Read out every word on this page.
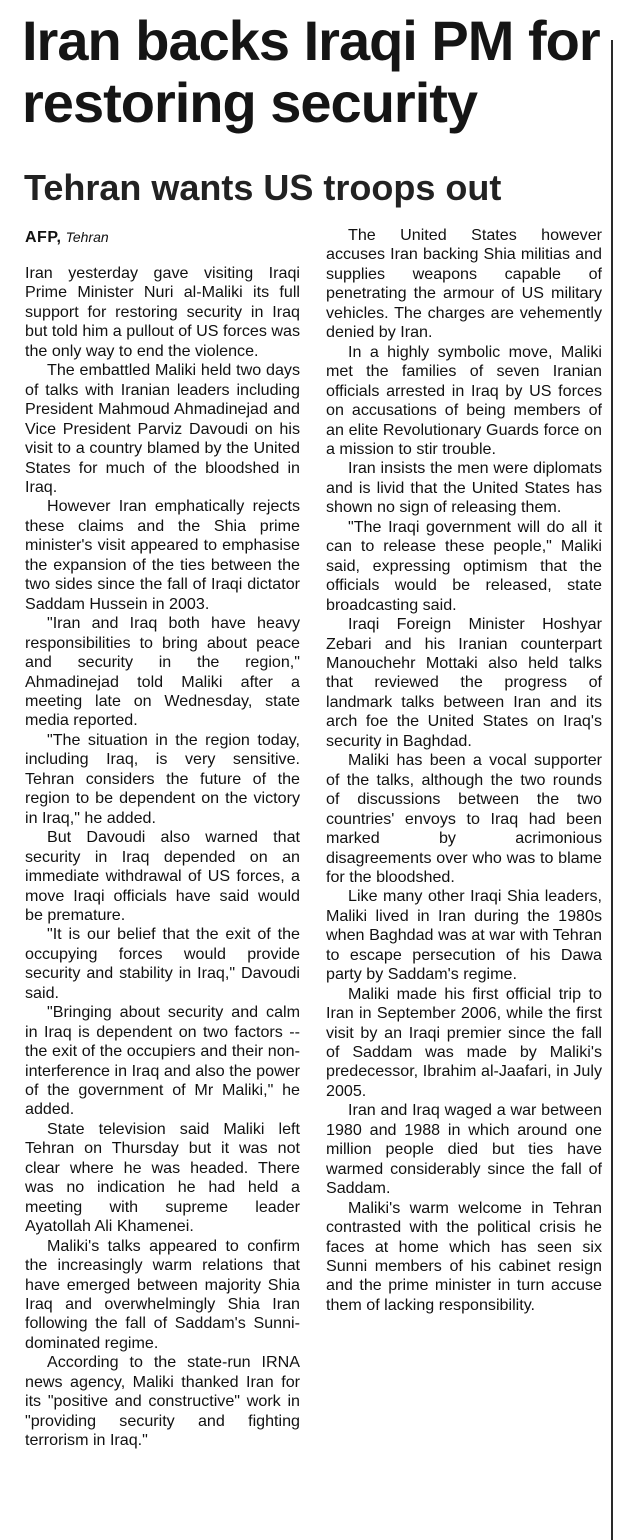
Iran backs Iraqi PM for restoring security
Tehran wants US troops out
AFP, Tehran

Iran yesterday gave visiting Iraqi Prime Minister Nuri al-Maliki its full support for restoring security in Iraq but told him a pullout of US forces was the only way to end the violence.

The embattled Maliki held two days of talks with Iranian leaders including President Mahmoud Ahmadinejad and Vice President Parviz Davoudi on his visit to a country blamed by the United States for much of the bloodshed in Iraq.

However Iran emphatically rejects these claims and the Shia prime minister's visit appeared to emphasise the expansion of the ties between the two sides since the fall of Iraqi dictator Saddam Hussein in 2003.

"Iran and Iraq both have heavy responsibilities to bring about peace and security in the region," Ahmadinejad told Maliki after a meeting late on Wednesday, state media reported.

"The situation in the region today, including Iraq, is very sensitive. Tehran considers the future of the region to be dependent on the victory in Iraq," he added.

But Davoudi also warned that security in Iraq depended on an immediate withdrawal of US forces, a move Iraqi officials have said would be premature.

"It is our belief that the exit of the occupying forces would provide security and stability in Iraq," Davoudi said.

"Bringing about security and calm in Iraq is dependent on two factors -- the exit of the occupiers and their non-interference in Iraq and also the power of the government of Mr Maliki," he added.

State television said Maliki left Tehran on Thursday but it was not clear where he was headed. There was no indication he had held a meeting with supreme leader Ayatollah Ali Khamenei.

Maliki's talks appeared to confirm the increasingly warm relations that have emerged between majority Shia Iraq and overwhelmingly Shia Iran following the fall of Saddam's Sunni-dominated regime.

According to the state-run IRNA news agency, Maliki thanked Iran for its "positive and constructive" work in "providing security and fighting terrorism in Iraq."

The United States however accuses Iran backing Shia militias and supplies weapons capable of penetrating the armour of US military vehicles. The charges are vehemently denied by Iran.

In a highly symbolic move, Maliki met the families of seven Iranian officials arrested in Iraq by US forces on accusations of being members of an elite Revolutionary Guards force on a mission to stir trouble.

Iran insists the men were diplomats and is livid that the United States has shown no sign of releasing them.

"The Iraqi government will do all it can to release these people," Maliki said, expressing optimism that the officials would be released, state broadcasting said.

Iraqi Foreign Minister Hoshyar Zebari and his Iranian counterpart Manouchehr Mottaki also held talks that reviewed the progress of landmark talks between Iran and its arch foe the United States on Iraq's security in Baghdad.

Maliki has been a vocal supporter of the talks, although the two rounds of discussions between the two countries' envoys to Iraq had been marked by acrimonious disagreements over who was to blame for the bloodshed.

Like many other Iraqi Shia leaders, Maliki lived in Iran during the 1980s when Baghdad was at war with Tehran to escape persecution of his Dawa party by Saddam's regime.

Maliki made his first official trip to Iran in September 2006, while the first visit by an Iraqi premier since the fall of Saddam was made by Maliki's predecessor, Ibrahim al-Jaafari, in July 2005.

Iran and Iraq waged a war between 1980 and 1988 in which around one million people died but ties have warmed considerably since the fall of Saddam.

Maliki's warm welcome in Tehran contrasted with the political crisis he faces at home which has seen six Sunni members of his cabinet resign and the prime minister in turn accuse them of lacking responsibility.
